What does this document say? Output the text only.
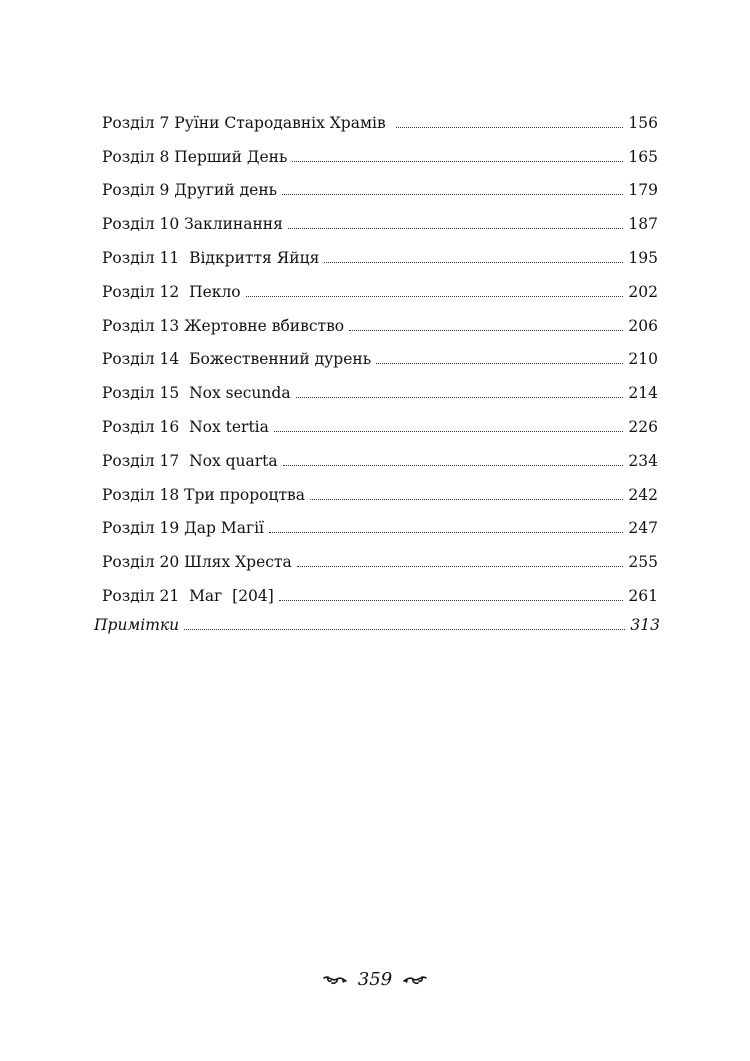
Розділ 7 Руїни Стародавніх Храмів	156
Розділ 8 Перший День	165
Розділ 9 Другий день	179
Розділ 10 Заклинання	187
Розділ 11  Відкриття Яйця	195
Розділ 12  Пекло	202
Розділ 13 Жертовне вбивство	206
Розділ 14  Божественний дурень	210
Розділ 15  Nox secunda	214
Розділ 16  Nox tertia	226
Розділ 17  Nox quarta	234
Розділ 18 Три пророцтва	242
Розділ 19 Дар Магії	247
Розділ 20 Шлях Хреста	255
Розділ 21  Маг  [204]	261
Примітки	313
359
